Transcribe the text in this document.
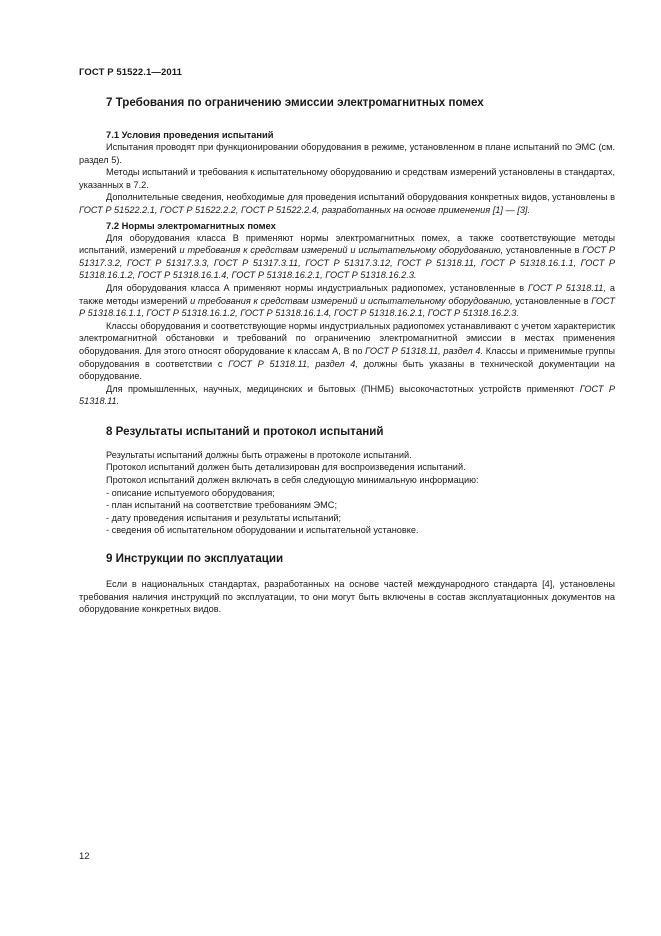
ГОСТ Р 51522.1—2011
7 Требования по ограничению эмиссии электромагнитных помех
7.1 Условия проведения испытаний

Испытания проводят при функционировании оборудования в режиме, установленном в плане испытаний по ЭМС (см. раздел 5).

Методы испытаний и требования к испытательному оборудованию и средствам измерений установлены в стандартах, указанных в 7.2.

Дополнительные сведения, необходимые для проведения испытаний оборудования конкретных видов, установлены в ГОСТ Р 51522.2.1, ГОСТ Р 51522.2.2, ГОСТ Р 51522.2.4, разработанных на основе применения [1] — [3].

7.2 Нормы электромагнитных помех

Для оборудования класса В применяют нормы электромагнитных помех, а также соответствующие методы испытаний, измерений и требования к средствам измерений и испытательному оборудованию, установленные в ГОСТ Р 51317.3.2, ГОСТ Р 51317.3.3, ГОСТ Р 51317.3.11, ГОСТ Р 51317.3.12, ГОСТ Р 51318.11, ГОСТ Р 51318.16.1.1, ГОСТ Р 51318.16.1.2, ГОСТ Р 51318.16.1.4, ГОСТ Р 51318.16.2.1, ГОСТ Р 51318.16.2.3.

Для оборудования класса А применяют нормы индустриальных радиопомех, установленные в ГОСТ Р 51318.11, а также методы измерений и требования к средствам измерений и испытательному оборудованию, установленные в ГОСТ Р 51318.16.1.1, ГОСТ Р 51318.16.1.2, ГОСТ Р 51318.16.1.4, ГОСТ Р 51318.16.2.1, ГОСТ Р 51318.16.2.3.

Классы оборудования и соответствующие нормы индустриальных радиопомех устанавливают с учетом характеристик электромагнитной обстановки и требований по ограничению электромагнитной эмиссии в местах применения оборудования. Для этого относят оборудование к классам А, В по ГОСТ Р 51318.11, раздел 4. Классы и применимые группы оборудования в соответствии с ГОСТ Р 51318.11, раздел 4, должны быть указаны в технической документации на оборудование.

Для промышленных, научных, медицинских и бытовых (ПНМБ) высокочастотных устройств применяют ГОСТ Р 51318.11.

8 Результаты испытаний и протокол испытаний

Результаты испытаний должны быть отражены в протоколе испытаний.

Протокол испытаний должен быть детализирован для воспроизведения испытаний.

Протокол испытаний должен включать в себя следующую минимальную информацию:

- описание испытуемого оборудования;

- план испытаний на соответствие требованиям ЭМС;

- дату проведения испытания и результаты испытаний;

- сведения об испытательном оборудовании и испытательной установке.

9 Инструкции по эксплуатации

Если в национальных стандартах, разработанных на основе частей международного стандарта [4], установлены требования наличия инструкций по эксплуатации, то они могут быть включены в состав эксплуатационных документов на оборудование конкретных видов.

12
